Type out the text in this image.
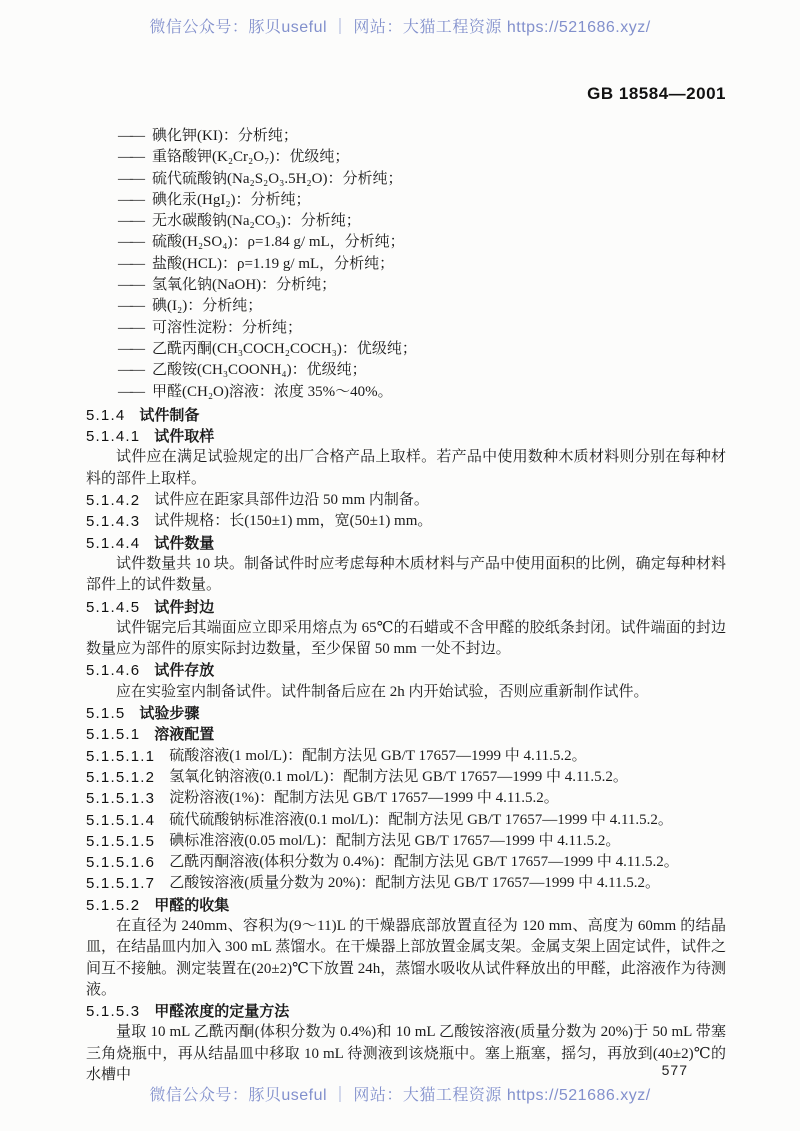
微信公众号：豚贝useful ｜ 网站：大猫工程资源 https://521686.xyz/
GB 18584—2001
—— 碘化钾(KI)：分析纯；
—— 重铬酸钾(K₂Cr₂O₇)：优级纯；
—— 硫代硫酸钠(Na₂S₂O₃.5H₂O)：分析纯；
—— 碘化汞(HgI₂)：分析纯；
—— 无水碳酸钠(Na₂CO₃)：分析纯；
—— 硫酸(H₂SO₄)：ρ=1.84 g/ mL，分析纯；
—— 盐酸(HCL)：ρ=1.19 g/ mL，分析纯；
—— 氢氧化钠(NaOH)：分析纯；
—— 碘(I₂)：分析纯；
—— 可溶性淀粉：分析纯；
—— 乙酰丙酮(CH₃COCH₂COCH₃)：优级纯；
—— 乙酸铵(CH₃COONH₄)：优级纯；
—— 甲醛(CH₂O)溶液：浓度 35%～40%。
5.1.4 试件制备
5.1.4.1 试件取样

试件应在满足试验规定的出厂合格产品上取样。若产品中使用数种木质材料则分别在每种材料的部件上取样。

5.1.4.2 试件应在距家具部件边沿 50 mm 内制备。
5.1.4.3 试件规格：长(150±1) mm，宽(50±1) mm。
5.1.4.4 试件数量

试件数量共 10 块。制备试件时应考虑每种木质材料与产品中使用面积的比例，确定每种材料部件上的试件数量。

5.1.4.5 试件封边

试件锯完后其端面应立即采用熔点为 65℃的石蜡或不含甲醛的胶纸条封闭。试件端面的封边数量应为部件的原实际封边数量，至少保留 50 mm 一处不封边。

5.1.4.6 试件存放

应在实验室内制备试件。试件制备后应在 2h 内开始试验，否则应重新制作试件。

5.1.5 试验步骤
5.1.5.1 溶液配置
5.1.5.1.1 硫酸溶液(1 mol/L)：配制方法见 GB/T 17657—1999 中 4.11.5.2。
5.1.5.1.2 氢氧化钠溶液(0.1 mol/L)：配制方法见 GB/T 17657—1999 中 4.11.5.2。
5.1.5.1.3 淀粉溶液(1%)：配制方法见 GB/T 17657—1999 中 4.11.5.2。
5.1.5.1.4 硫代硫酸钠标准溶液(0.1 mol/L)：配制方法见 GB/T 17657—1999 中 4.11.5.2。
5.1.5.1.5 碘标准溶液(0.05 mol/L)：配制方法见 GB/T 17657—1999 中 4.11.5.2。
5.1.5.1.6 乙酰丙酮溶液(体积分数为 0.4%)：配制方法见 GB/T 17657—1999 中 4.11.5.2。
5.1.5.1.7 乙酸铵溶液(质量分数为 20%)：配制方法见 GB/T 17657—1999 中 4.11.5.2。
5.1.5.2 甲醛的收集

在直径为 240mm、容积为(9～11)L 的干燥器底部放置直径为 120 mm、高度为 60mm 的结晶皿，在结晶皿内加入 300 mL 蒸馏水。在干燥器上部放置金属支架。金属支架上固定试件，试件之间互不接触。测定装置在(20±2)℃下放置 24h，蒸馏水吸收从试件释放出的甲醛，此溶液作为待测液。

5.1.5.3 甲醛浓度的定量方法

量取 10 mL 乙酰丙酮(体积分数为 0.4%)和 10 mL 乙酸铵溶液(质量分数为 20%)于 50 mL 带塞三角烧瓶中，再从结晶皿中移取 10 mL 待测液到该烧瓶中。塞上瓶塞，摇匀，再放到(40±2)℃的水槽中	577
微信公众号：豚贝useful ｜ 网站：大猫工程资源 https://521686.xyz/
